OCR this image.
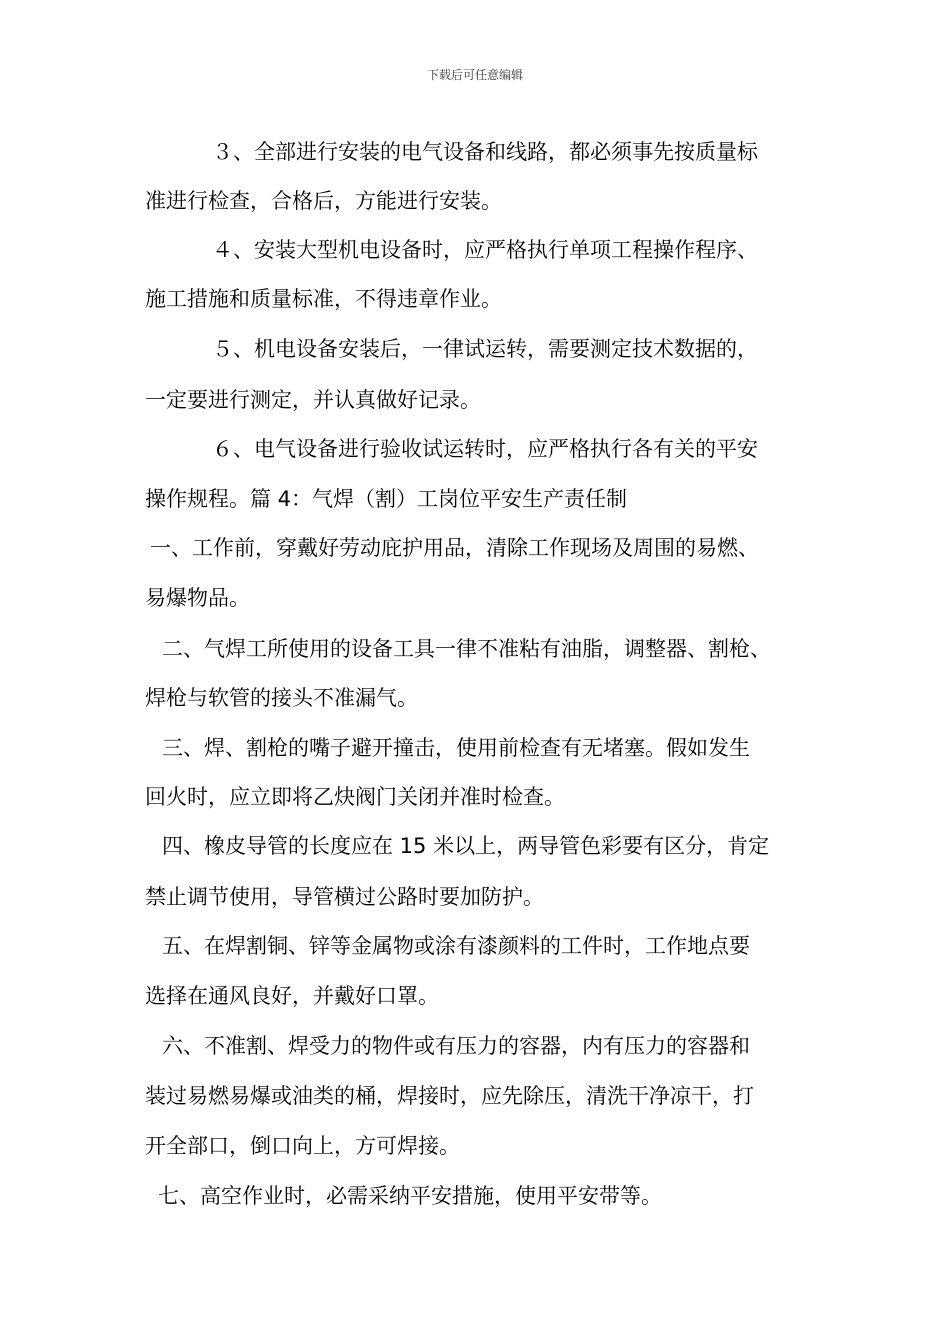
下载后可任意编辑
３、全部进行安装的电气设备和线路，都必须事先按质量标
准进行检查，合格后，方能进行安装。
４、安装大型机电设备时，应严格执行单项工程操作程序、
施工措施和质量标准，不得违章作业。
５、机电设备安装后，一律试运转，需要测定技术数据的，
一定要进行测定，并认真做好记录。
６、电气设备进行验收试运转时，应严格执行各有关的平安
操作规程。篇 4：气焊（割）工岗位平安生产责任制
一、工作前，穿戴好劳动庇护用品，清除工作现场及周围的易燃、
易爆物品。
二、气焊工所使用的设备工具一律不准粘有油脂，调整器、割枪、
焊枪与软管的接头不准漏气。
三、焊、割枪的嘴子避开撞击，使用前检查有无堵塞。假如发生
回火时，应立即将乙炔阀门关闭并准时检查。
四、橡皮导管的长度应在 15 米以上，两导管色彩要有区分，肯定
禁止调节使用，导管横过公路时要加防护。
五、在焊割铜、锌等金属物或涂有漆颜料的工件时，工作地点要
选择在通风良好，并戴好口罩。
六、不准割、焊受力的物件或有压力的容器，内有压力的容器和
装过易燃易爆或油类的桶，焊接时，应先除压，清洗干净凉干，打
开全部口，倒口向上，方可焊接。
七、高空作业时，必需采纳平安措施，使用平安带等。
